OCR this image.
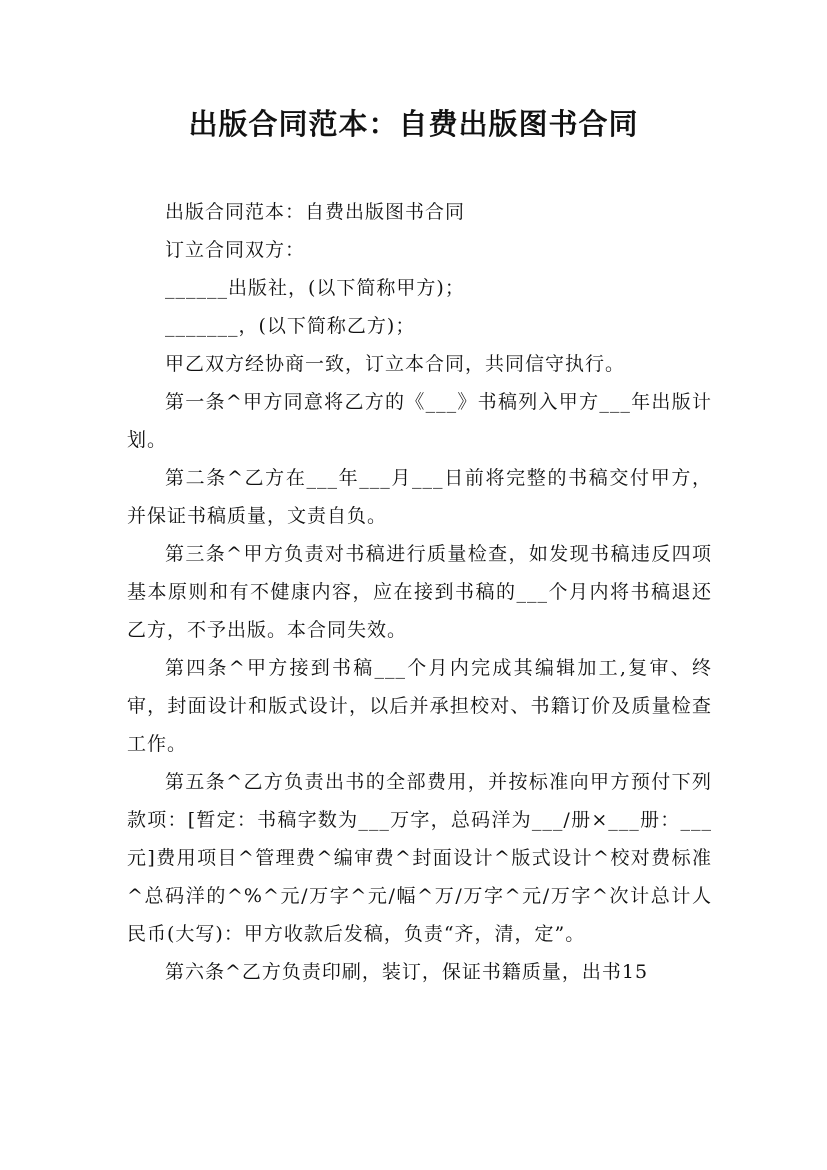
出版合同范本：自费出版图书合同

出版合同范本：自费出版图书合同

订立合同双方：

______出版社，(以下简称甲方)；

_______，(以下简称乙方)；

甲乙双方经协商一致，订立本合同，共同信守执行。

第一条^甲方同意将乙方的《___》书稿列入甲方___年出版计划。

第二条^乙方在___年___月___日前将完整的书稿交付甲方，并保证书稿质量，文责自负。

第三条^甲方负责对书稿进行质量检查，如发现书稿违反四项基本原则和有不健康内容，应在接到书稿的___个月内将书稿退还乙方，不予出版。本合同失效。

第四条^甲方接到书稿___个月内完成其编辑加工,复审、终审，封面设计和版式设计，以后并承担校对、书籍订价及质量检查工作。

第五条^乙方负责出书的全部费用，并按标准向甲方预付下列款项：[暂定：书稿字数为___万字，总码洋为___/册×___册：___元]费用项目^管理费^编审费^封面设计^版式设计^校对费标准^总码洋的^%^元/万字^元/幅^万/万字^元/万字^次计总计人民币(大写)：甲方收款后发稿，负责“齐，清，定”。

第六条^乙方负责印刷，装订，保证书籍质量，出书15
